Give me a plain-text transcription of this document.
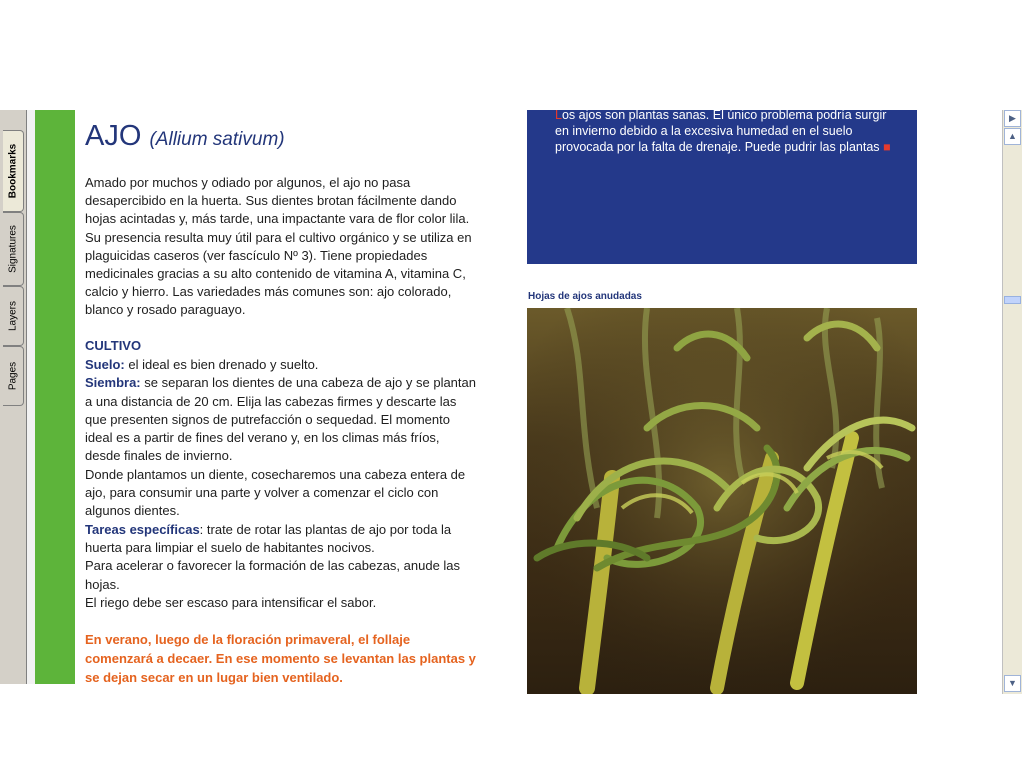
Bookmarks
Signatures
Layers
Pages
AJO (Allium sativum)
Amado por muchos y odiado por algunos, el ajo no pasa desapercibido en la huerta. Sus dientes brotan fácilmente dando hojas acintadas y, más tarde, una impactante vara de flor color lila. Su presencia resulta muy útil para el cultivo orgánico y se utiliza en plaguicidas caseros (ver fascículo Nº 3). Tiene propiedades medicinales gracias a su alto contenido de vitamina A, vitamina C, calcio y hierro. Las variedades más comunes son: ajo colorado, blanco y rosado paraguayo.
CULTIVO

Suelo: el ideal es bien drenado y suelto.

Siembra: se separan los dientes de una cabeza de ajo y se plantan a una distancia de 20 cm. Elija las cabezas firmes y descarte las que presenten signos de putrefacción o sequedad. El momento ideal es a partir de fines del verano y, en los climas más fríos, desde finales de invierno.

Donde plantamos un diente, cosecharemos una cabeza entera de ajo, para consumir una parte y volver a comenzar el ciclo con algunos dientes.

Tareas específicas: trate de rotar las plantas de ajo por toda la huerta para limpiar el suelo de habitantes nocivos.

Para acelerar o favorecer la formación de las cabezas, anude las hojas.

El riego debe ser escaso para intensificar el sabor.

En verano, luego de la floración primaveral, el follaje comenzará a decaer. En ese momento se levantan las plantas y se dejan secar en un lugar bien ventilado.
Los ajos son plantas sanas. El único problema podría surgir en invierno debido a la excesiva humedad en el suelo provocada por la falta de drenaje. Puede pudrir las plantas ■
Hojas de ajos anudadas
▶
▲
▼
